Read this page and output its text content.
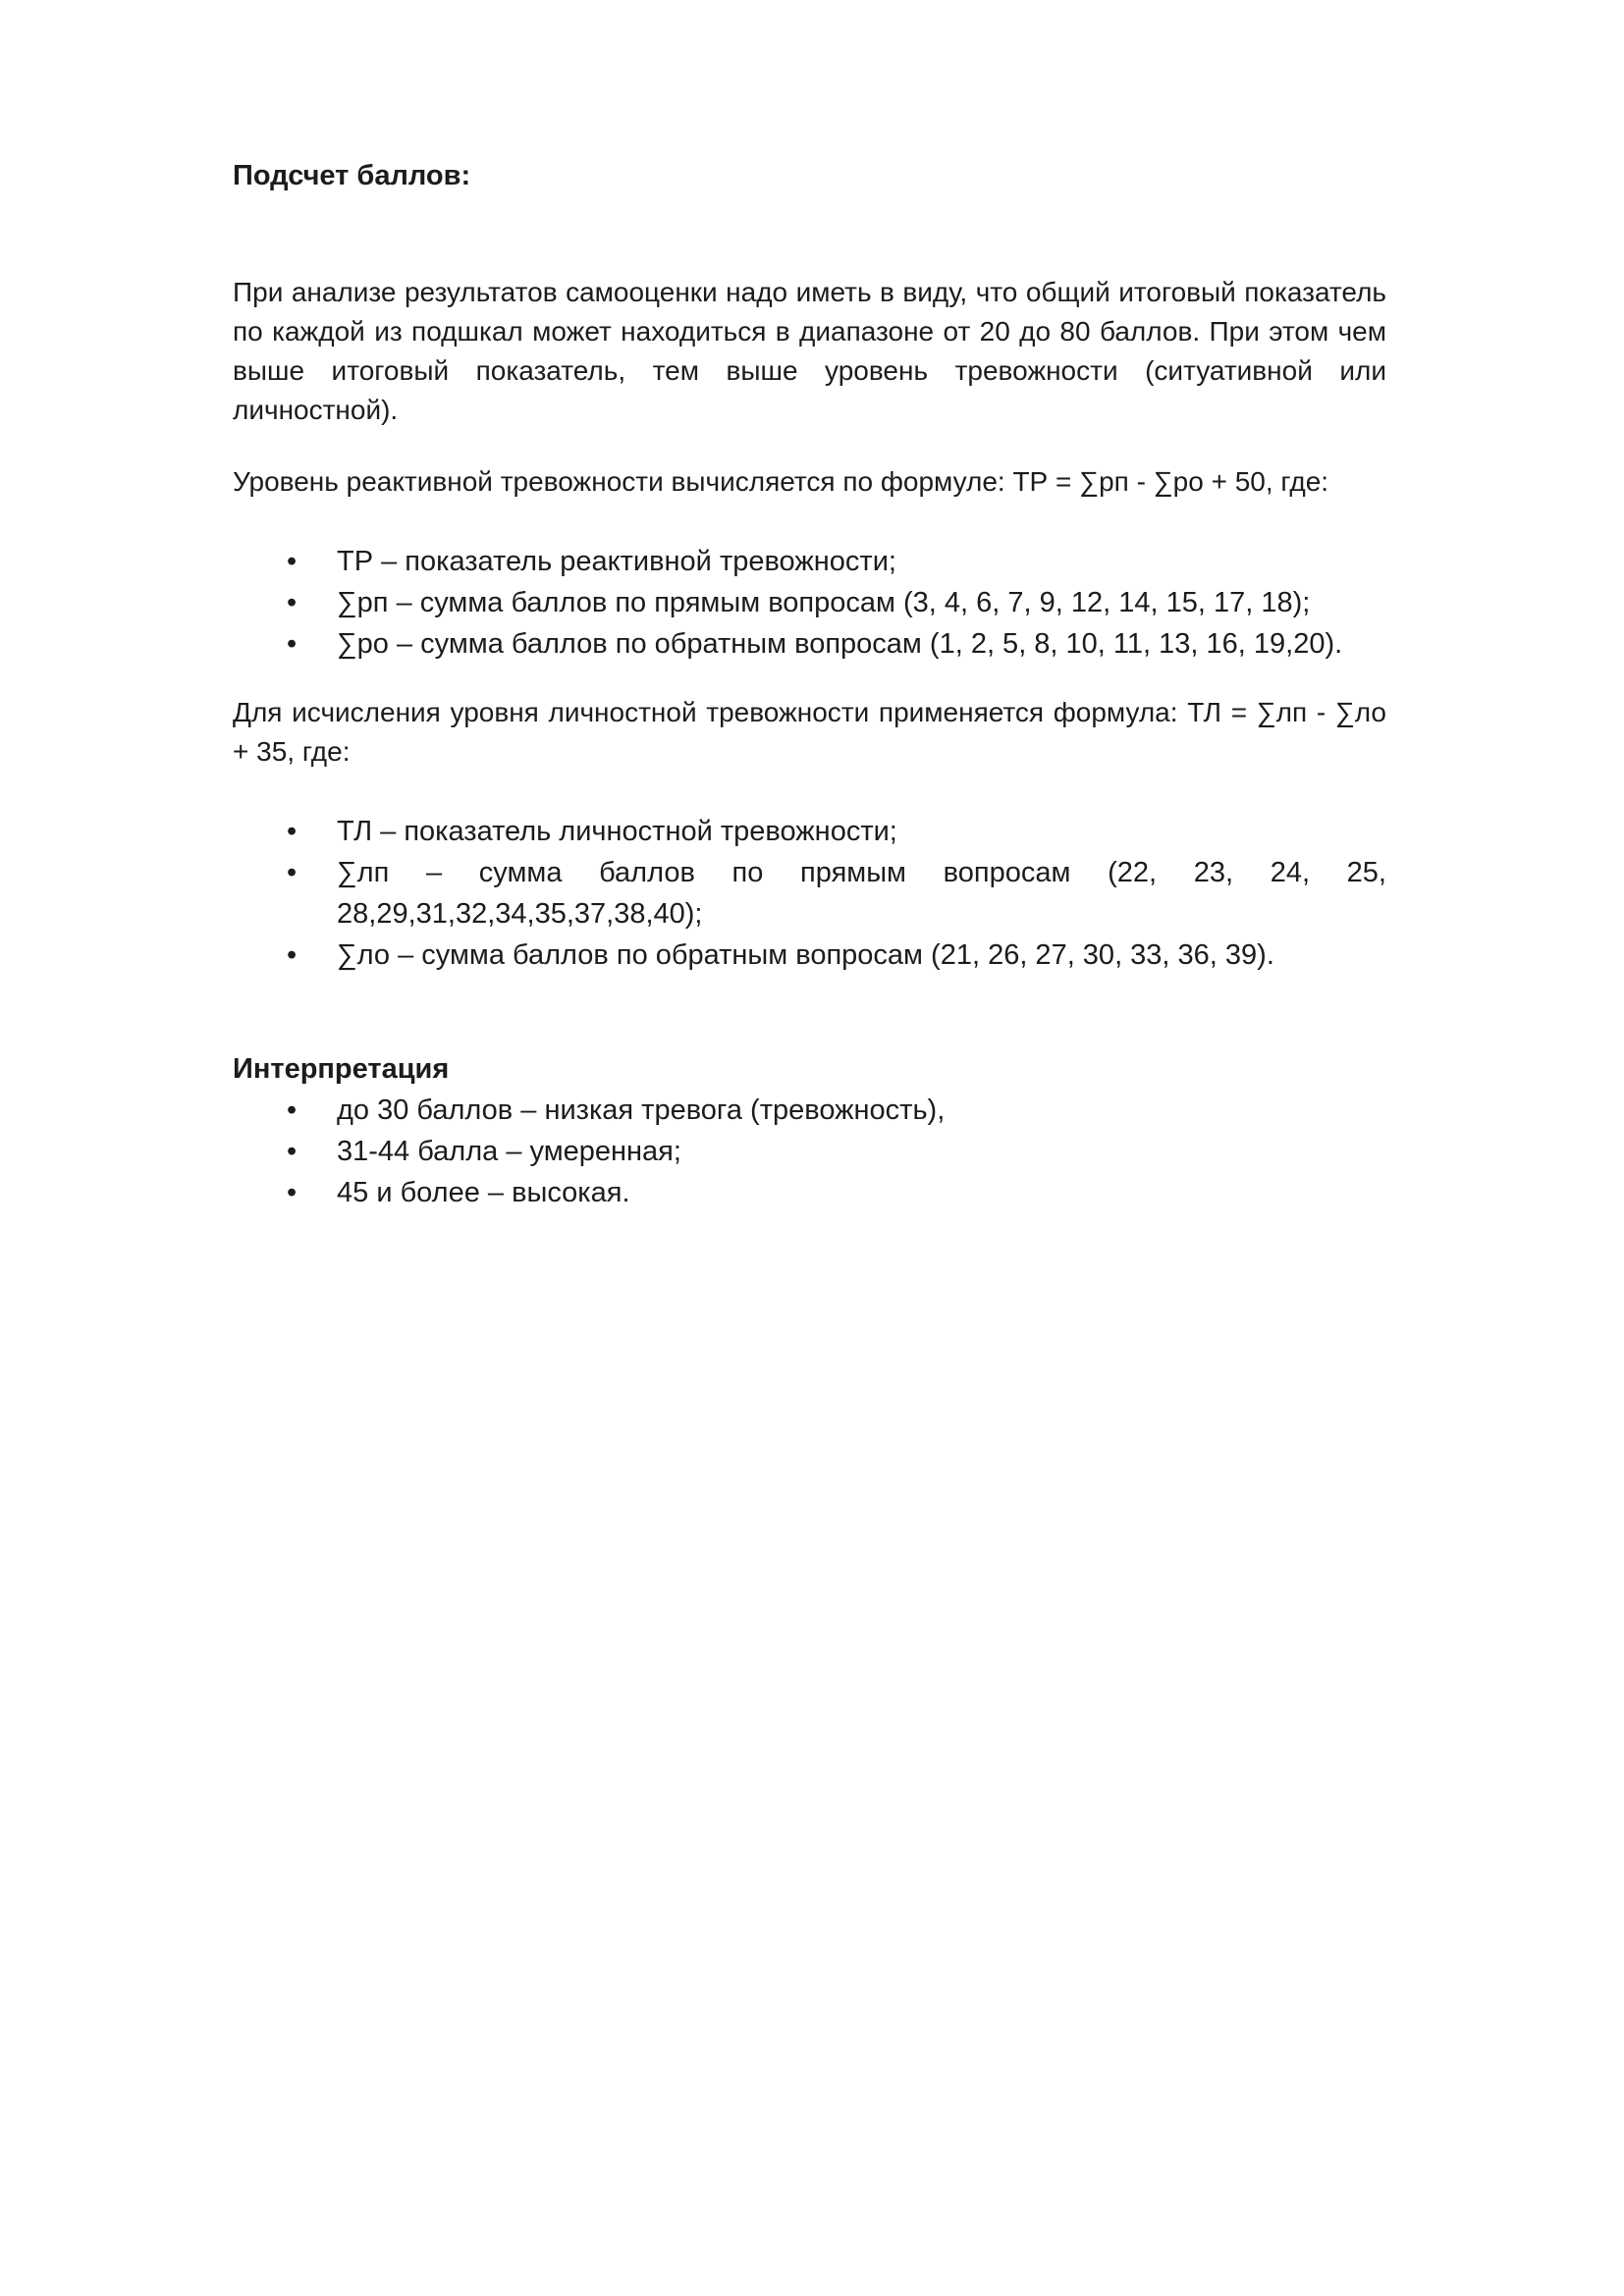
Подсчет баллов:

При анализе результатов самооценки надо иметь в виду, что общий итоговый показатель по каждой из подшкал может находиться в диапазоне от 20 до 80 баллов. При этом чем выше итоговый показатель, тем выше уровень тревожности (ситуативной или личностной).

Уровень реактивной тревожности вычисляется по формуле: ТР = ∑рп - ∑ро + 50, где:

• ТР – показатель реактивной тревожности;
• ∑рп – сумма баллов по прямым вопросам (3, 4, 6, 7, 9, 12, 14, 15, 17, 18);
• ∑ро – сумма баллов по обратным вопросам (1, 2, 5, 8, 10, 11, 13, 16, 19,20).

Для исчисления уровня личностной тревожности применяется формула: ТЛ = ∑лп - ∑ло + 35, где:

• ТЛ – показатель личностной тревожности;
• ∑лп – сумма баллов по прямым вопросам (22, 23, 24, 25, 28,29,31,32,34,35,37,38,40);
• ∑ло – сумма баллов по обратным вопросам (21, 26, 27, 30, 33, 36, 39).
Интерпретация
• до 30 баллов – низкая тревога (тревожность),
• 31-44 балла – умеренная;
• 45 и более – высокая.
